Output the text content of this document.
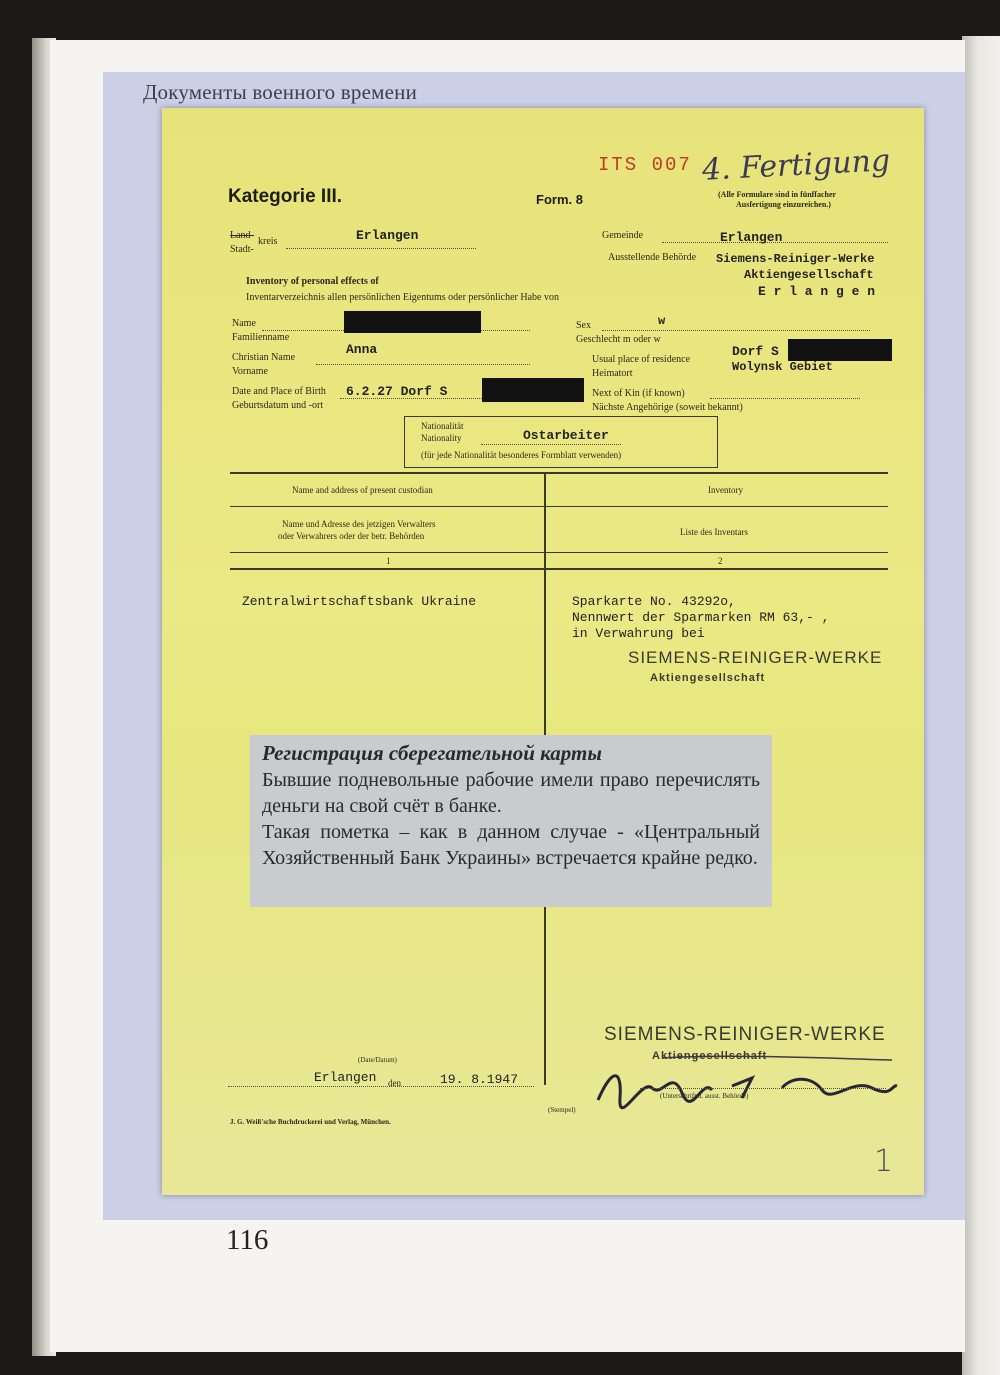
Документы военного времени
ITS 007 4. Fertigung
Kategorie III.	Form. 8	(Alle Formulare sind in fünffacher
Ausfertigung einzureichen.)
Land-
kreis
Stadt-
Erlangen	Gemeinde	Erlangen
Ausstellende Behörde Siemens-Reiniger-Werke
Aktiengesellschaft
E r l a n g e n
Inventory of personal effects of
Inventarverzeichnis allen persönlichen Eigentums oder persönlicher Habe von
Name
Familienname
Sex
Geschlecht m oder w
w
Christian Name
Vorname
Anna
Usual place of residence
Heimatort
Dorf S
Wolynsk Gebiet
Date and Place of Birth
Geburtsdatum und -ort
6.2.27 Dorf S	Next of Kin (if known)
Nächste Angehörige (soweit bekannt)
Nationalität
Nationality	Ostarbeiter
(für jede Nationalität besonderes Formblatt verwenden)
Name and address of present custodian
Name und Adresse des jetzigen Verwalters
oder Verwahrers oder der betr. Behörden
1
Inventory
Liste des Inventars
2
Zentralwirtschaftsbank Ukraine	Sparkarte No. 43292o,
Nennwert der Sparmarken RM 63,- ,
in Verwahrung bei
SIEMENS-REINIGER-WERKE
Aktiengesellschaft
SIEMENS-REINIGER-WERKE
Aktiengesellschaft
(Unterschrift d. ausst. Behörde)
(Date/Datum)
Erlangen den	19. 8.1947
(Stempel)
J. G. Weiß'sche Buchdruckerei und Verlag, München.
1
Регистрация сберегательной карты

Бывшие подневольные рабочие имели право перечислять деньги на свой счёт в банке.

Такая пометка – как в данном случае - «Центральный Хозяйственный Банк Украины» встречается крайне редко.

116
